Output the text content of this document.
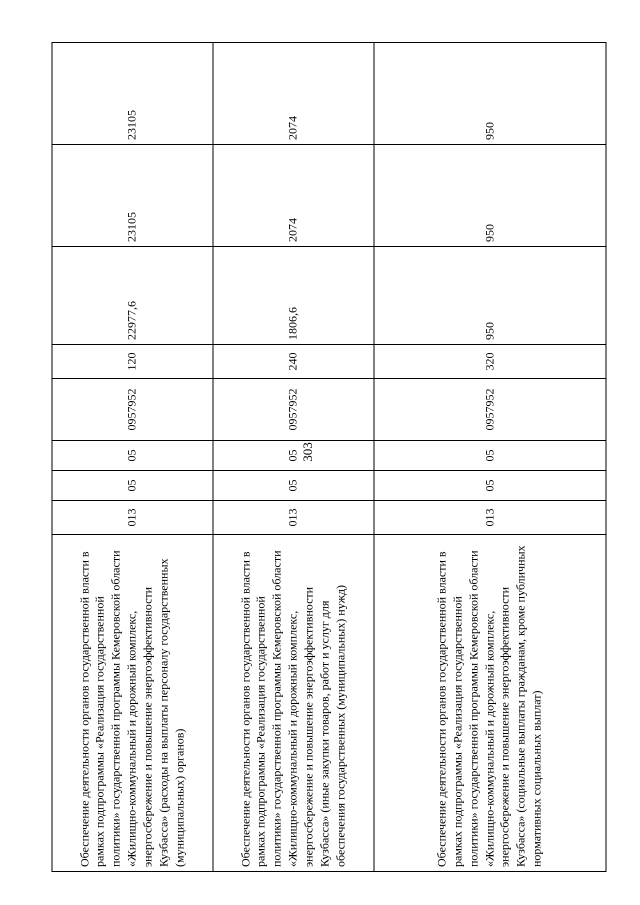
303
Обеспечение деятельности органов государственной власти в рамках подпрограммы «Реализация государственной политики» государственной программы Кемеровской области «Жилищно-коммунальный и дорожный комплекс, энергосбережение и повышение энергоэффективности Кузбасса» (расходы на выплаты персоналу государственных (муниципальных) органов)	013	05	05	0957952	120	22977,6	23105	23105
Обеспечение деятельности органов государственной власти в рамках подпрограммы «Реализация государственной политики» государственной программы Кемеровской области «Жилищно-коммунальный и дорожный комплекс, энергосбережение и повышение энергоэффективности Кузбасса» (иные закупки товаров, работ и услуг для обеспечения государственных (муниципальных) нужд)	013	05	05	0957952	240	1806,6	2074	2074
Обеспечение деятельности органов государственной власти в рамках подпрограммы «Реализация государственной политики» государственной программы Кемеровской области «Жилищно-коммунальный и дорожный комплекс, энергосбережение и повышение энергоэффективности Кузбасса» (социальные выплаты гражданам, кроме публичных нормативных социальных выплат)	013	05	05	0957952	320	950	950	950
